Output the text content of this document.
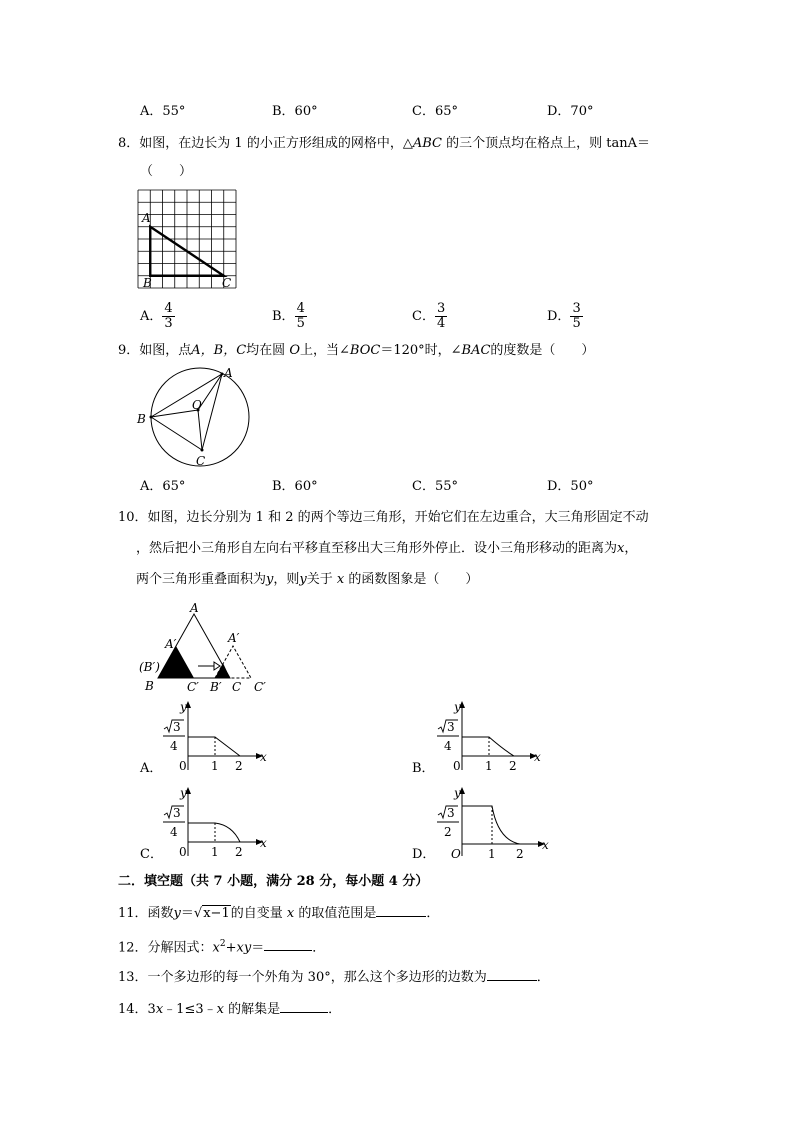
A．55°	B．60°	C．65°	D．70°
8．如图，在边长为 1 的小正方形组成的网格中，△ABC 的三个顶点均在格点上，则 tanA＝
（　　）
A
B	C
A． $\frac{4}{3}$	B． $\frac{4}{5}$	C． $\frac{3}{4}$	D． $\frac{3}{5}$
9．如图，点A，B，C均在圆 O上，当∠BOC＝120°时，∠BAC的度数是（　　）
A
B
C
O
A．65°	B．60°	C．55°	D．50°
10．如图，边长分别为 1 和 2 的两个等边三角形，开始它们在左边重合，大三角形固定不动
，然后把小三角形自左向右平移直至移出大三角形外停止．设小三角形移动的距离为x，
两个三角形重叠面积为y，则y关于 x 的函数图象是（　　）
A
A′	A′
(B′)
B	C′ B′ C C′
A．
y
x
3
4
0 1 2	B．
y
x
3
4
0 1 2
C．
y
x
3
4
0 1 2	D．
y
x
3
2
O 1 2
二．填空题（共 7 小题，满分 28 分，每小题 4 分）
11．函数y＝√x−1的自变量 x 的取值范围是	．
12．分解因式：$x^2+xy=$	．
13．一个多边形的每一个外角为 30°，那么这个多边形的边数为	．
14．3x﹣1≤3﹣x 的解集是	．
